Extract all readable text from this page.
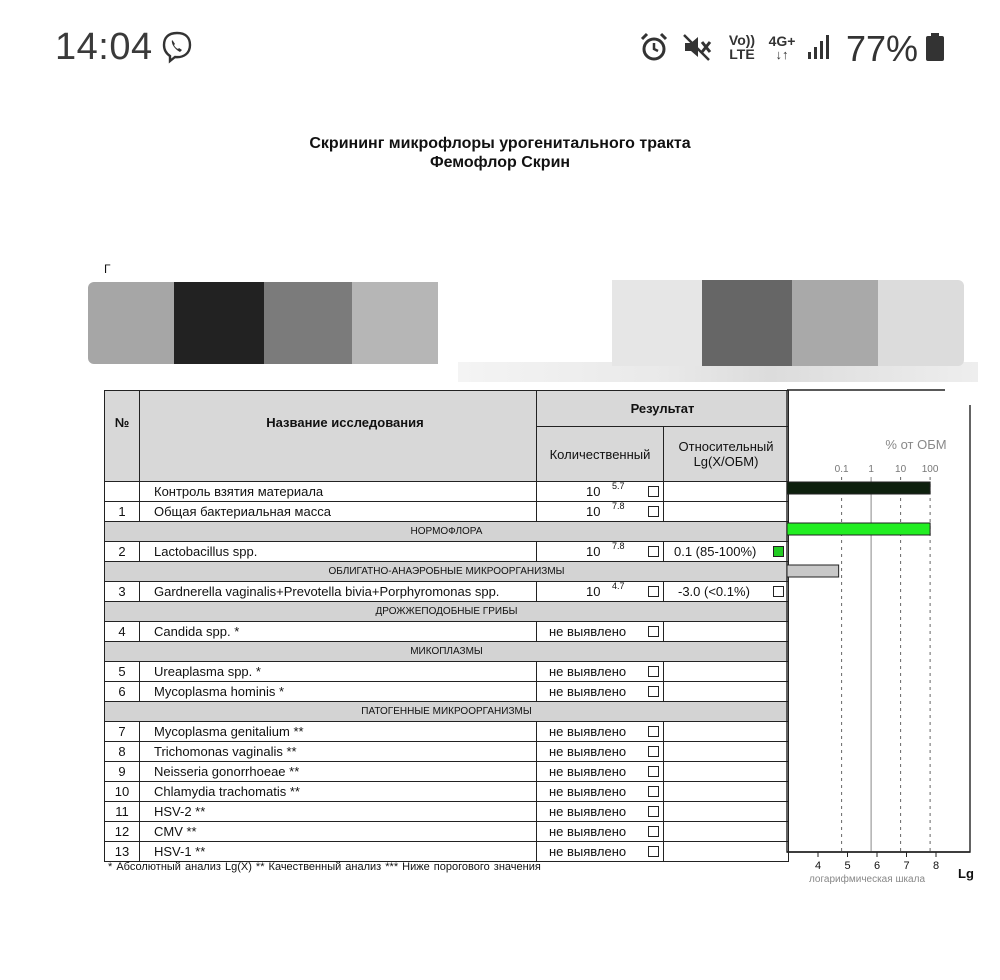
14:04	Vo)) LTE
4G+
↓↑ 77%
Скрининг микрофлоры урогенитального тракта
Фемофлор Скрин
Г
№	Название исследования	Результат	
		Количественный	Относительный
Lg(X/ОБМ)

	Контроль взятия материала	10 5.7	

1	Общая бактериальная масса	10 7.8	

НОРМОФЛОРА			
2	Lactobacillus spp.	10 7.8	0.1 (85-100%)

ОБЛИГАТНО-АНАЭРОБНЫЕ МИКРООРГАНИЗМЫ			
3	Gardnerella vaginalis+Prevotella bivia+Porphyromonas spp.	10 4.7	-3.0 (<0.1%)

ДРОЖЖЕПОДОБНЫЕ ГРИБЫ			
4	Candida spp. *	не выявлено	

МИКОПЛАЗМЫ			
5	Ureaplasma spp. *	не выявлено	

6	Mycoplasma hominis *	не выявлено	

ПАТОГЕННЫЕ МИКРООРГАНИЗМЫ			
7	Mycoplasma genitalium **	не выявлено	

8	Trichomonas vaginalis **	не выявлено	

9	Neisseria gonorrhoeae **	не выявлено	

10	Chlamydia trachomatis **	не выявлено	

11	HSV-2 **	не выявлено	

12	CMV **	не выявлено	

13	HSV-1 **	не выявлено	

* Абсолютный анализ Lg(X) ** Качественный анализ *** Ниже порогового значения
% от ОБМ
0.1 1 10 100
4 5 6 7 8
логарифмическая шкала	Lg
